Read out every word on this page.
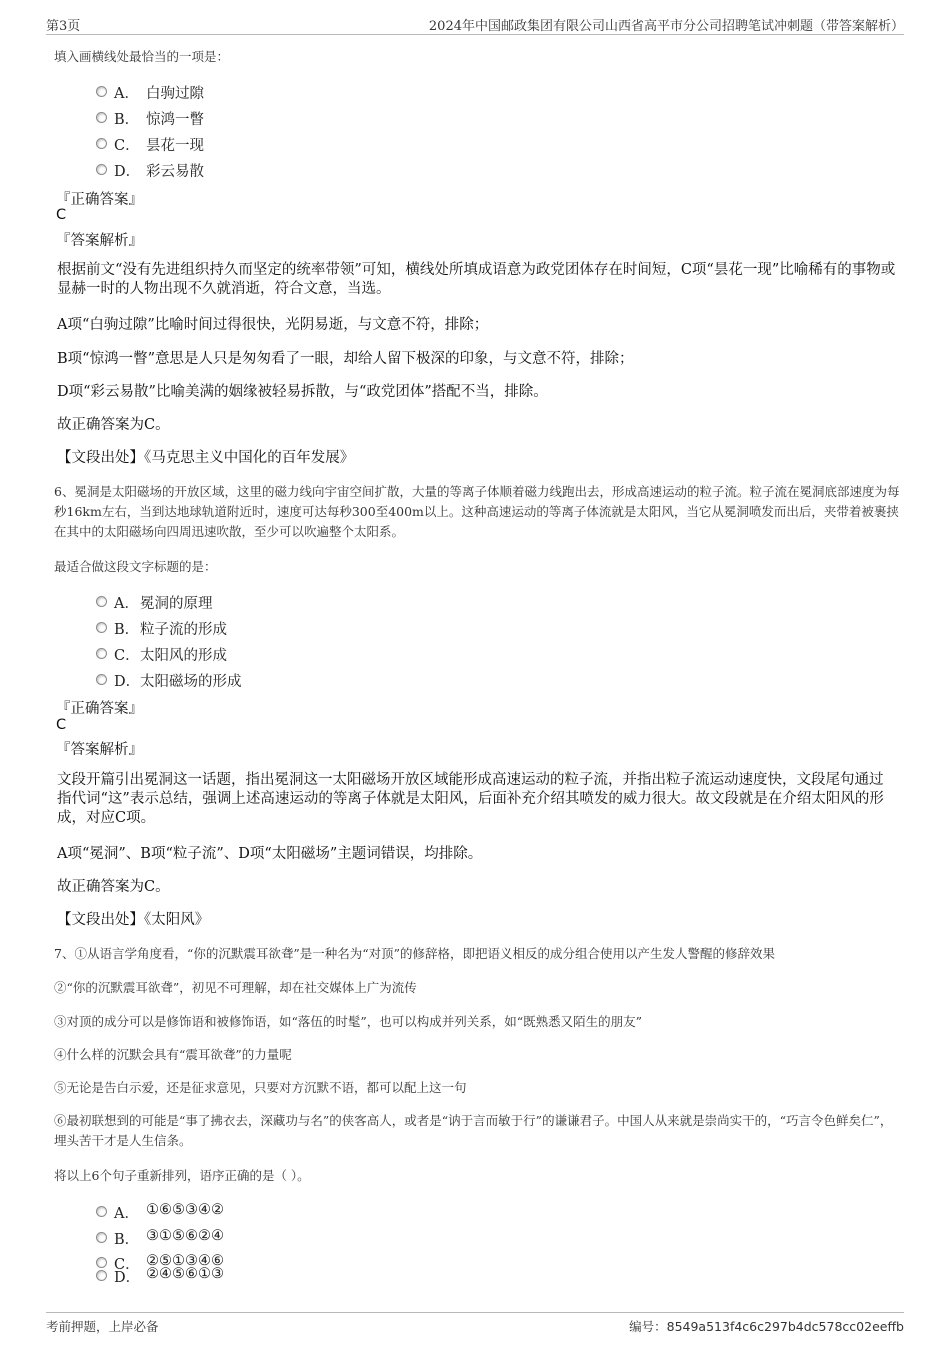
第3页	2024年中国邮政集团有限公司山西省高平市分公司招聘笔试冲刺题（带答案解析）
填入画横线处最恰当的一项是：
A． 白驹过隙
B． 惊鸿一瞥
C． 昙花一现
D． 彩云易散
『正确答案』
C
『答案解析』
根据前文“没有先进组织持久而坚定的统率带领”可知，横线处所填成语意为政党团体存在时间短，C项“昙花一现”比喻稀有的事物或显赫一时的人物出现不久就消逝，符合文意，当选。
A项“白驹过隙”比喻时间过得很快，光阴易逝，与文意不符，排除；
B项“惊鸿一瞥”意思是人只是匆匆看了一眼，却给人留下极深的印象，与文意不符，排除；
D项“彩云易散”比喻美满的姻缘被轻易拆散，与“政党团体”搭配不当，排除。
故正确答案为C。
【文段出处】《马克思主义中国化的百年发展》
6、冕洞是太阳磁场的开放区域，这里的磁力线向宇宙空间扩散，大量的等离子体顺着磁力线跑出去，形成高速运动的粒子流。粒子流在冕洞底部速度为每秒16km左右，当到达地球轨道附近时，速度可达每秒300至400m以上。这种高速运动的等离子体流就是太阳风，当它从冕洞喷发而出后，夹带着被裹挟在其中的太阳磁场向四周迅速吹散，至少可以吹遍整个太阳系。
最适合做这段文字标题的是：
A． 冕洞的原理
B． 粒子流的形成
C． 太阳风的形成
D． 太阳磁场的形成
『正确答案』
C
『答案解析』
文段开篇引出冕洞这一话题，指出冕洞这一太阳磁场开放区域能形成高速运动的粒子流，并指出粒子流运动速度快，文段尾句通过指代词“这”表示总结，强调上述高速运动的等离子体就是太阳风，后面补充介绍其喷发的威力很大。故文段就是在介绍太阳风的形成，对应C项。
A项“冕洞”、B项“粒子流”、D项“太阳磁场”主题词错误，均排除。
故正确答案为C。
【文段出处】《太阳风》
7、①从语言学角度看，“你的沉默震耳欲聋”是一种名为“对顶”的修辞格，即把语义相反的成分组合使用以产生发人警醒的修辞效果
②“你的沉默震耳欲聋”，初见不可理解，却在社交媒体上广为流传
③对顶的成分可以是修饰语和被修饰语，如“落伍的时髦”，也可以构成并列关系，如“既熟悉又陌生的朋友”
④什么样的沉默会具有“震耳欲聋”的力量呢
⑤无论是告白示爱，还是征求意见，只要对方沉默不语，都可以配上这一句
⑥最初联想到的可能是“事了拂衣去，深藏功与名”的侠客高人，或者是“讷于言而敏于行”的谦谦君子。中国人从来就是崇尚实干的，“巧言令色鲜矣仁”，埋头苦干才是人生信条。
将以上6个句子重新排列，语序正确的是（ ）。
A． ①⑥⑤③④②
B． ③①⑤⑥②④
C． ②⑤①③④⑥
D． ②④⑤⑥①③
考前押题，上岸必备	编号：8549a513f4c6c297b4dc578cc02eeffb
